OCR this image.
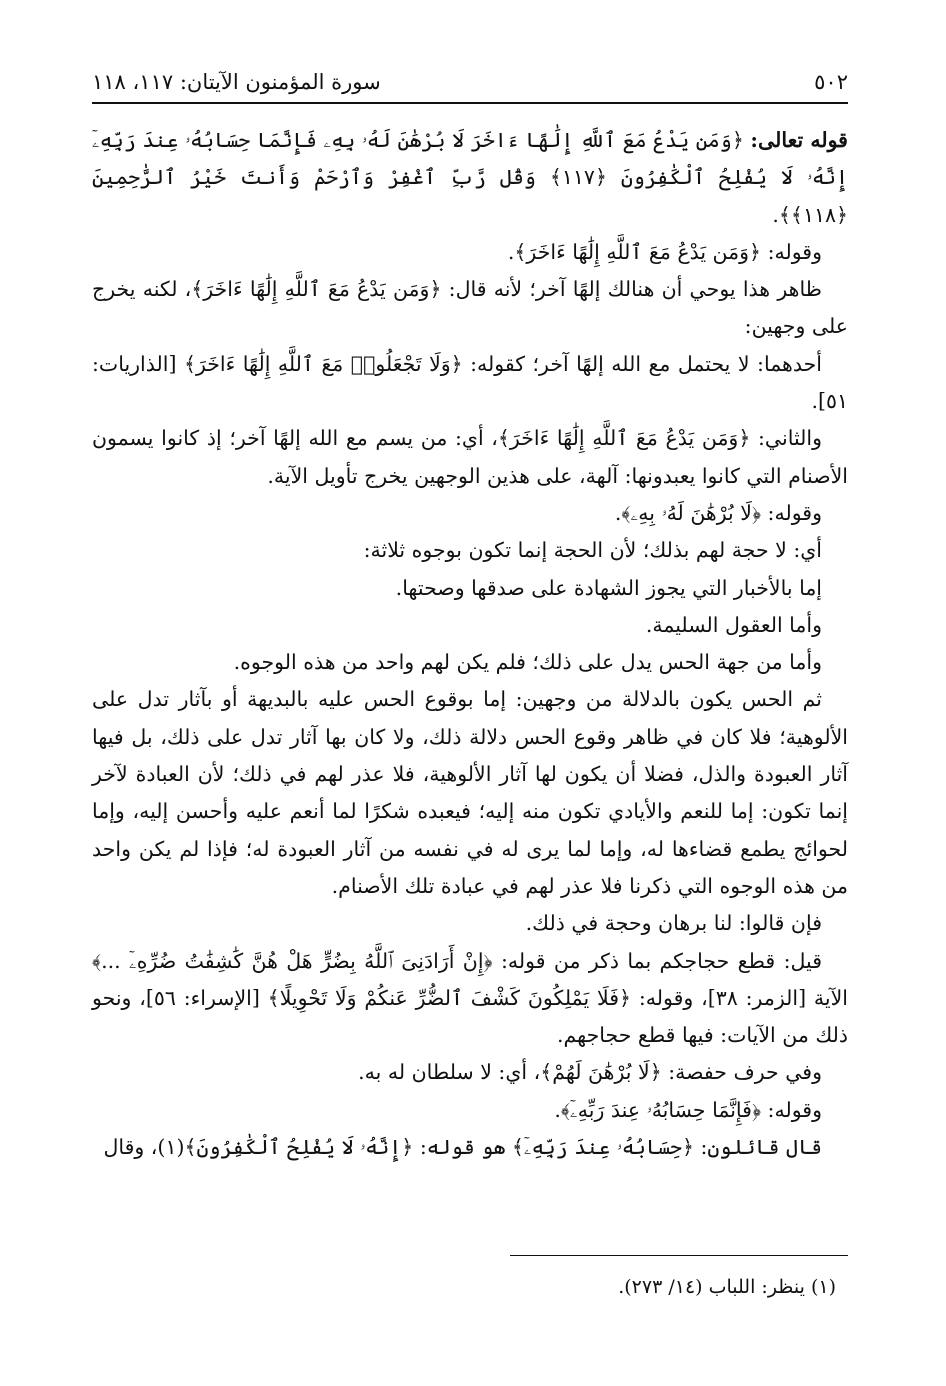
٥٠٢
سورة المؤمنون الآيتان: ١١٧، ١١٨

قوله تعالى: ﴿وَمَن يَدْعُ مَعَ ٱللَّهِ إِلَٰهًا ءَاخَرَ لَا بُرْهَٰنَ لَهُۥ بِهِۦ فَإِنَّمَا حِسَابُهُۥ عِندَ رَبِّهِۦٓ إِنَّهُۥ لَا يُفْلِحُ ٱلْكَٰفِرُونَ ﴿١١٧﴾ وَقُل رَّبِّ ٱغْفِرْ وَٱرْحَمْ وَأَنتَ خَيْرُ ٱلرَّٰحِمِينَ ﴿١١٨﴾﴾.

وقوله: ﴿وَمَن يَدْعُ مَعَ ٱللَّهِ إِلَٰهًا ءَاخَرَ﴾.

ظاهر هذا يوحي أن هنالك إلهًا آخر؛ لأنه قال: ﴿وَمَن يَدْعُ مَعَ ٱللَّهِ إِلَٰهًا ءَاخَرَ﴾، لكنه يخرج على وجهين:

أحدهما: لا يحتمل مع الله إلهًا آخر؛ كقوله: ﴿وَلَا تَجْعَلُوا۟ مَعَ ٱللَّهِ إِلَٰهًا ءَاخَرَ﴾ [الذاريات: ٥١].

والثاني: ﴿وَمَن يَدْعُ مَعَ ٱللَّهِ إِلَٰهًا ءَاخَرَ﴾، أي: من يسم مع الله إلهًا آخر؛ إذ كانوا يسمون الأصنام التي كانوا يعبدونها: آلهة، على هذين الوجهين يخرج تأويل الآية.

وقوله: ﴿لَا بُرْهَٰنَ لَهُۥ بِهِۦ﴾.

أي: لا حجة لهم بذلك؛ لأن الحجة إنما تكون بوجوه ثلاثة:

إما بالأخبار التي يجوز الشهادة على صدقها وصحتها.

وأما العقول السليمة.

وأما من جهة الحس يدل على ذلك؛ فلم يكن لهم واحد من هذه الوجوه.

ثم الحس يكون بالدلالة من وجهين: إما بوقوع الحس عليه بالبديهة أو بآثار تدل على الألوهية؛ فلا كان في ظاهر وقوع الحس دلالة ذلك، ولا كان بها آثار تدل على ذلك، بل فيها آثار العبودة والذل، فضلا أن يكون لها آثار الألوهية، فلا عذر لهم في ذلك؛ لأن العبادة لآخر إنما تكون: إما للنعم والأيادي تكون منه إليه؛ فيعبده شكرًا لما أنعم عليه وأحسن إليه، وإما لحوائج يطمع قضاءها له، وإما لما يرى له في نفسه من آثار العبودة له؛ فإذا لم يكن واحد من هذه الوجوه التي ذكرنا فلا عذر لهم في عبادة تلك الأصنام.

فإن قالوا: لنا برهان وحجة في ذلك.

قيل: قطع حجاجكم بما ذكر من قوله: ﴿إِنْ أَرَادَنِىَ ٱللَّهُ بِضُرٍّ هَلْ هُنَّ كَٰشِفَٰتُ ضُرِّهِۦٓ ...﴾ الآية [الزمر: ٣٨]، وقوله: ﴿فَلَا يَمْلِكُونَ كَشْفَ ٱلضُّرِّ عَنكُمْ وَلَا تَحْوِيلًا﴾ [الإسراء: ٥٦]، ونحو ذلك من الآيات: فيها قطع حجاجهم.

وفي حرف حفصة: ﴿لَا بُرْهَٰنَ لَهُمْ﴾، أي: لا سلطان له به.

وقوله: ﴿فَإِنَّمَا حِسَابُهُۥ عِندَ رَبِّهِۦٓ﴾.

قال قائلون: ﴿حِسَابُهُۥ عِندَ رَبِّهِۦٓ﴾ هو قوله: ﴿إِنَّهُۥ لَا يُفْلِحُ ٱلْكَٰفِرُونَ﴾(١)، وقال

(١) ينظر: اللباب (١٤/ ٢٧٣).
